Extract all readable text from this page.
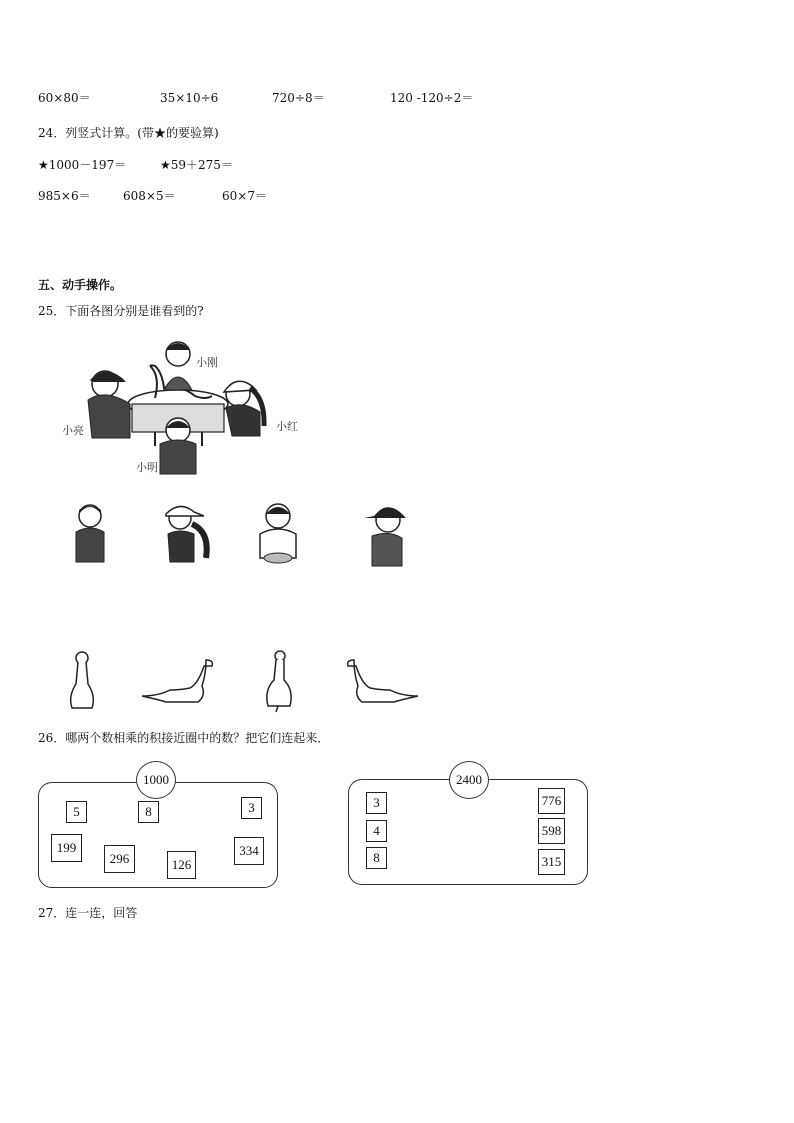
60×80＝	35×10÷6	720÷8＝	120 -120÷2＝
24．列竖式计算。(带★的要验算)
★1000－197＝	★59＋275＝
985×6＝	608×5＝	60×7＝
五、动手操作。
25．下面各图分别是谁看到的?
小刚
小红
小亮
小明
26．哪两个数相乘的积接近圈中的数？把它们连起来．
1000
5	8	3
199
296	126
334
2400
3
4
8
776
598
315
27．连一连，回答
